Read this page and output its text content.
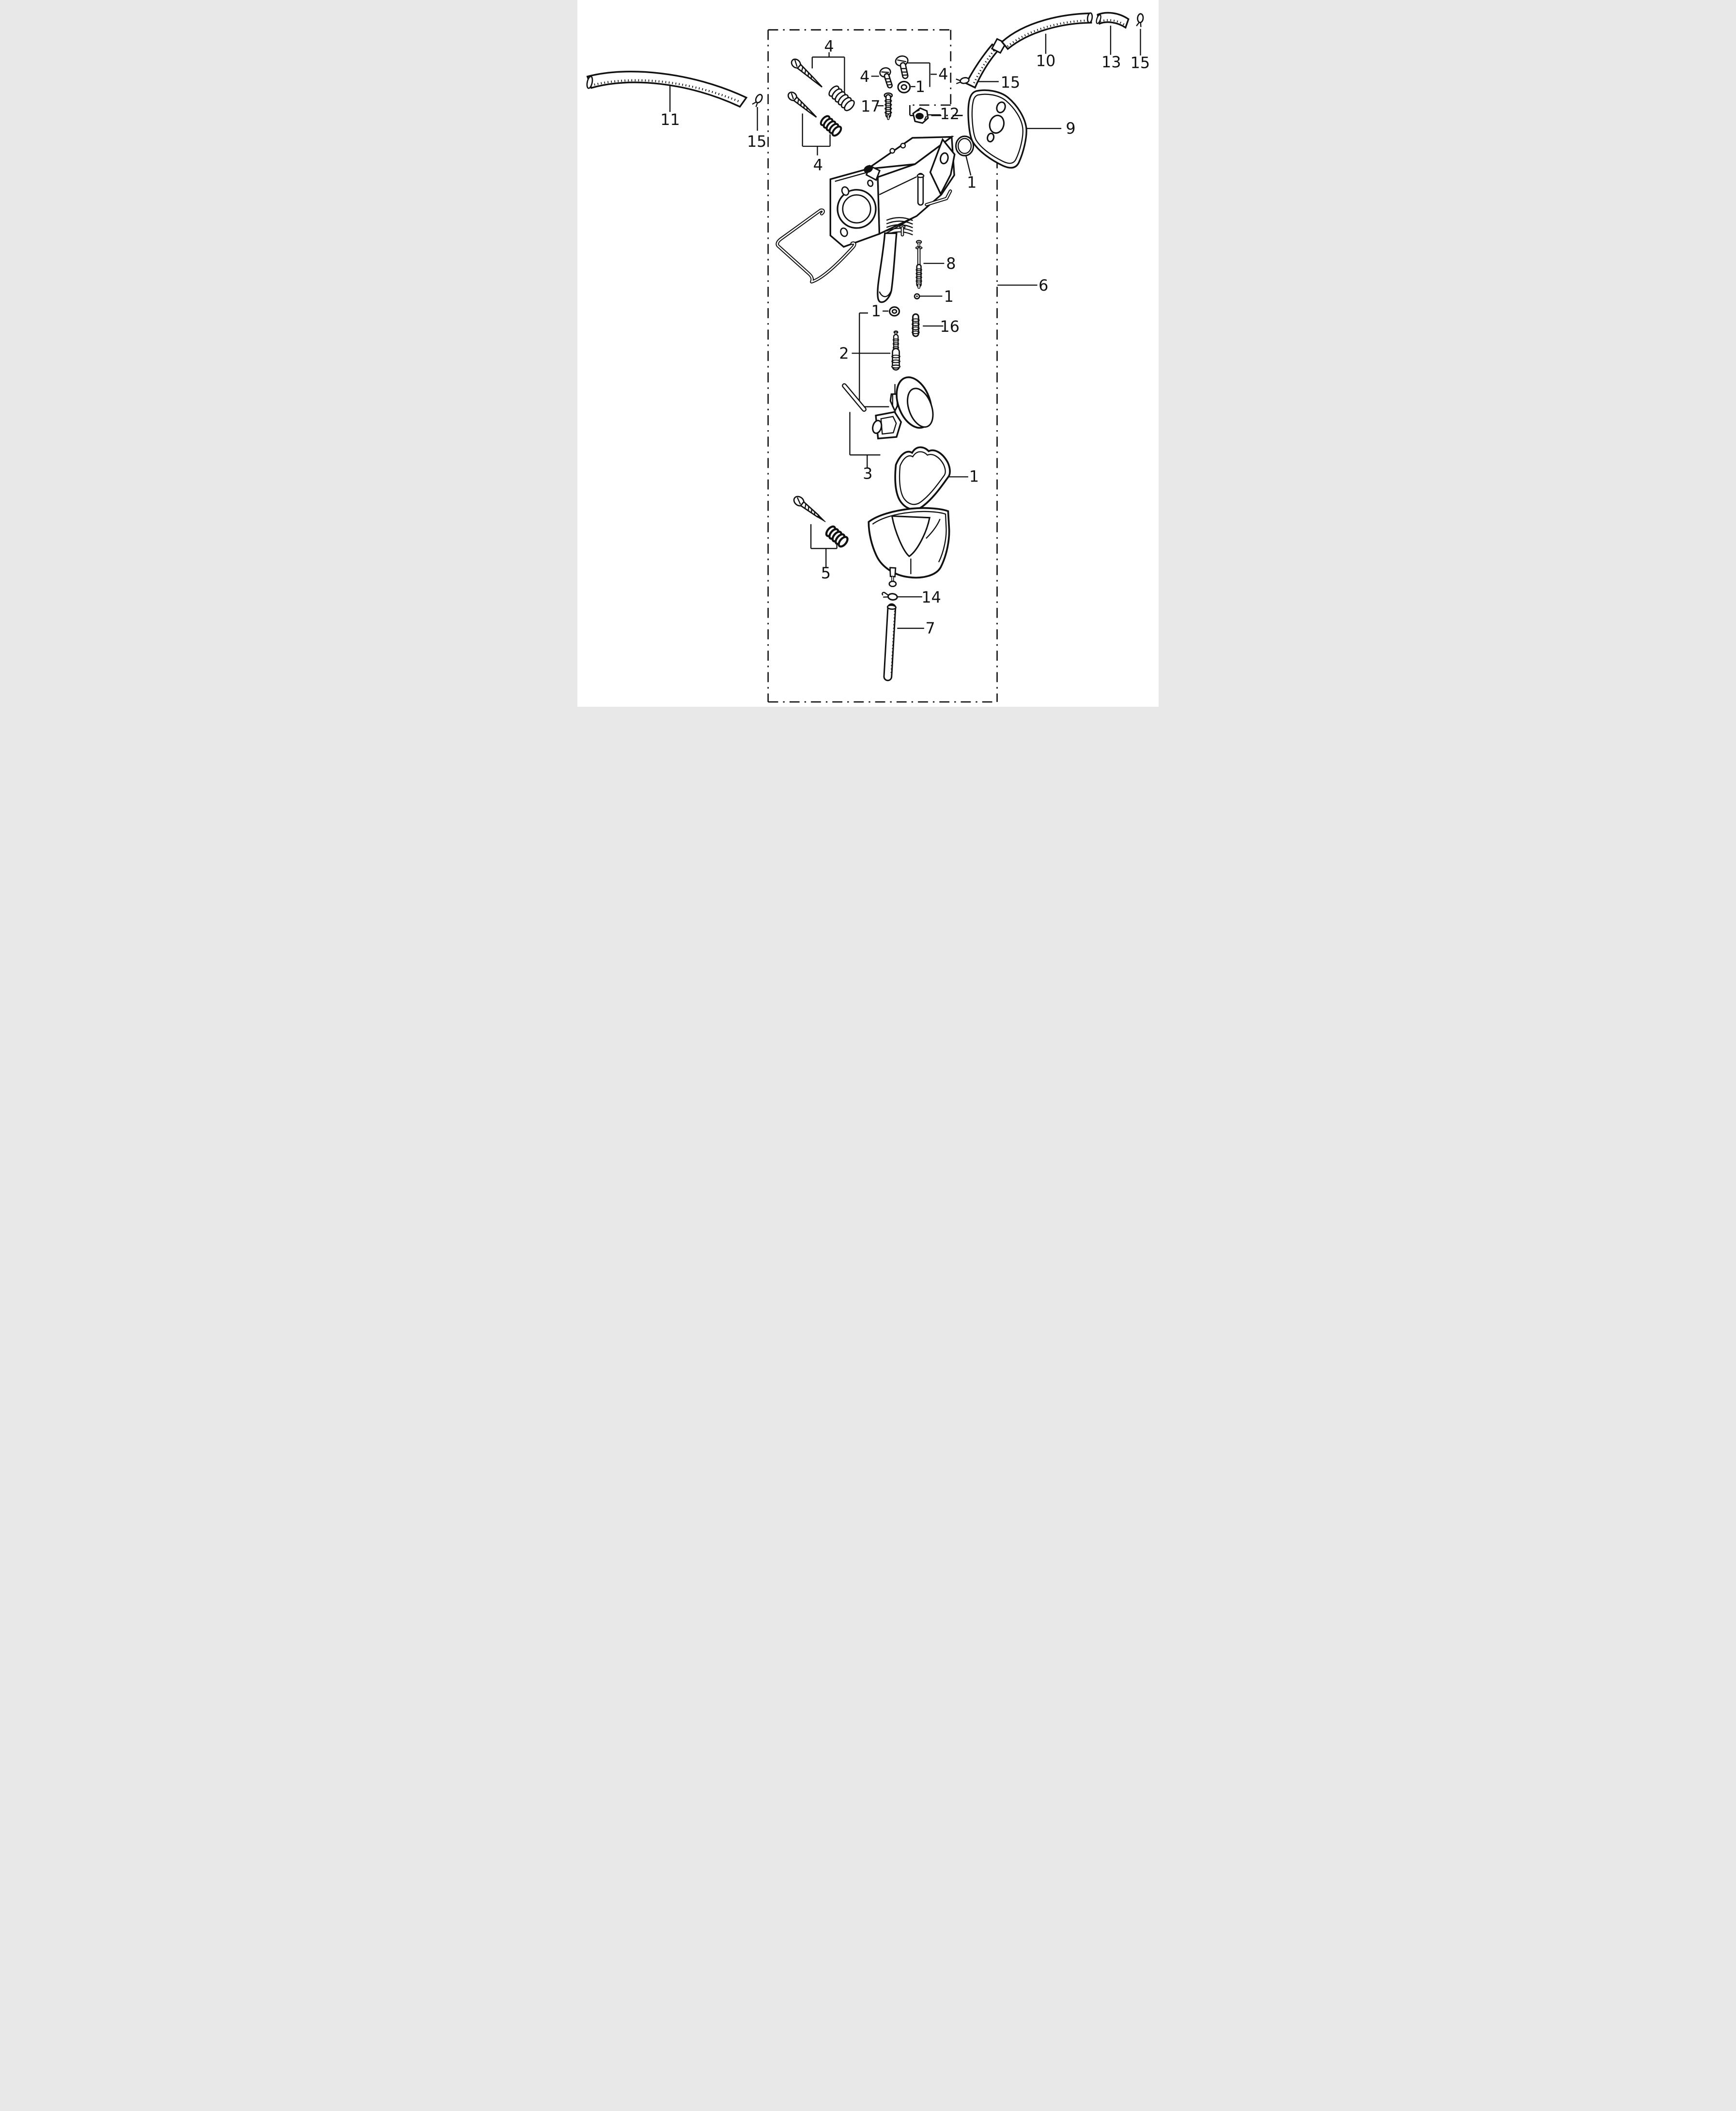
4
4
1
4
17 12
15
10 13 15
11
15
4
9
1
6
8
1
1
16
2
3 1
5
14
7
